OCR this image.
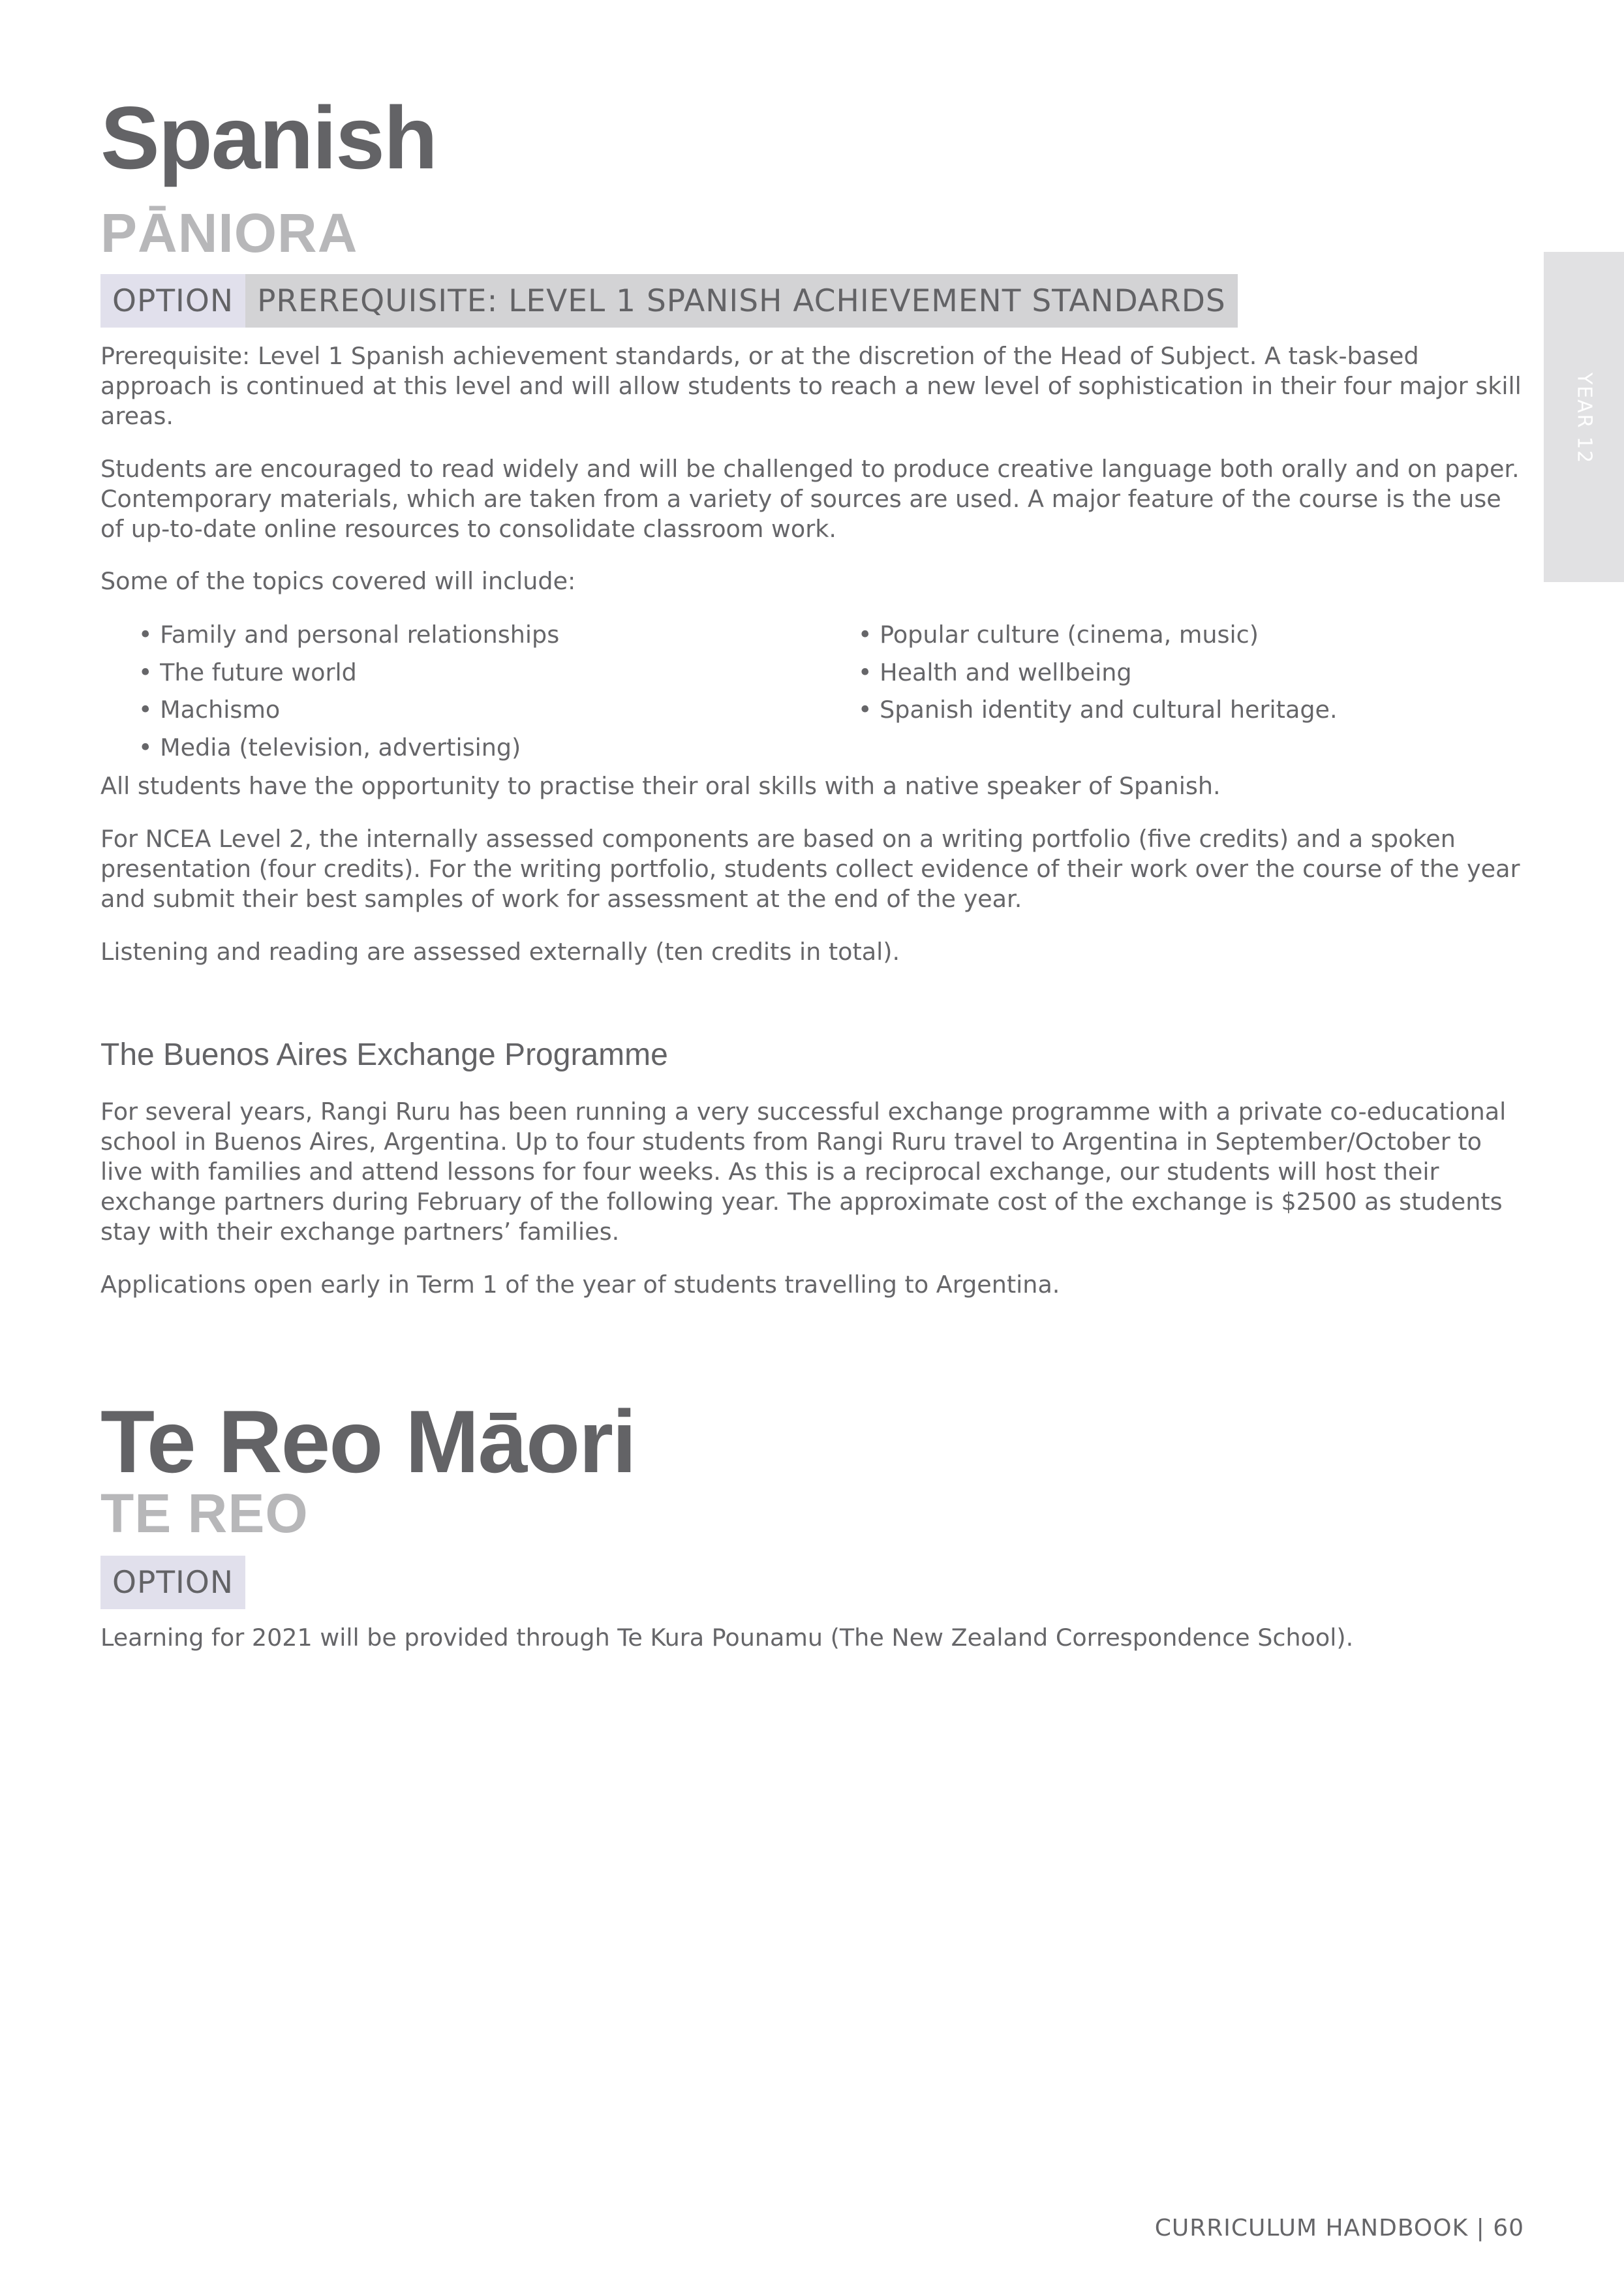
Spanish
PĀNIORA
OPTION PREREQUISITE: LEVEL 1 SPANISH ACHIEVEMENT STANDARDS

Prerequisite: Level 1 Spanish achievement standards, or at the discretion of the Head of Subject. A task-based approach is continued at this level and will allow students to reach a new level of sophistication in their four major skill areas.

Students are encouraged to read widely and will be challenged to produce creative language both orally and on paper. Contemporary materials, which are taken from a variety of sources are used. A major feature of the course is the use of up-to-date online resources to consolidate classroom work.

Some of the topics covered will include:

• Family and personal relationships
• The future world
• Machismo
• Media (television, advertising)
• Popular culture (cinema, music)
• Health and wellbeing
• Spanish identity and cultural heritage.

All students have the opportunity to practise their oral skills with a native speaker of Spanish.

For NCEA Level 2, the internally assessed components are based on a writing portfolio (five credits) and a spoken presentation (four credits). For the writing portfolio, students collect evidence of their work over the course of the year and submit their best samples of work for assessment at the end of the year.

Listening and reading are assessed externally (ten credits in total).

The Buenos Aires Exchange Programme

For several years, Rangi Ruru has been running a very successful exchange programme with a private co-educational school in Buenos Aires, Argentina. Up to four students from Rangi Ruru travel to Argentina in September/October to live with families and attend lessons for four weeks. As this is a reciprocal exchange, our students will host their exchange partners during February of the following year. The approximate cost of the exchange is $2500 as students stay with their exchange partners’ families.

Applications open early in Term 1 of the year of students travelling to Argentina.

Te Reo Māori
TE REO
OPTION

Learning for 2021 will be provided through Te Kura Pounamu (The New Zealand Correspondence School).

YEAR 12
CURRICULUM HANDBOOK | 60
